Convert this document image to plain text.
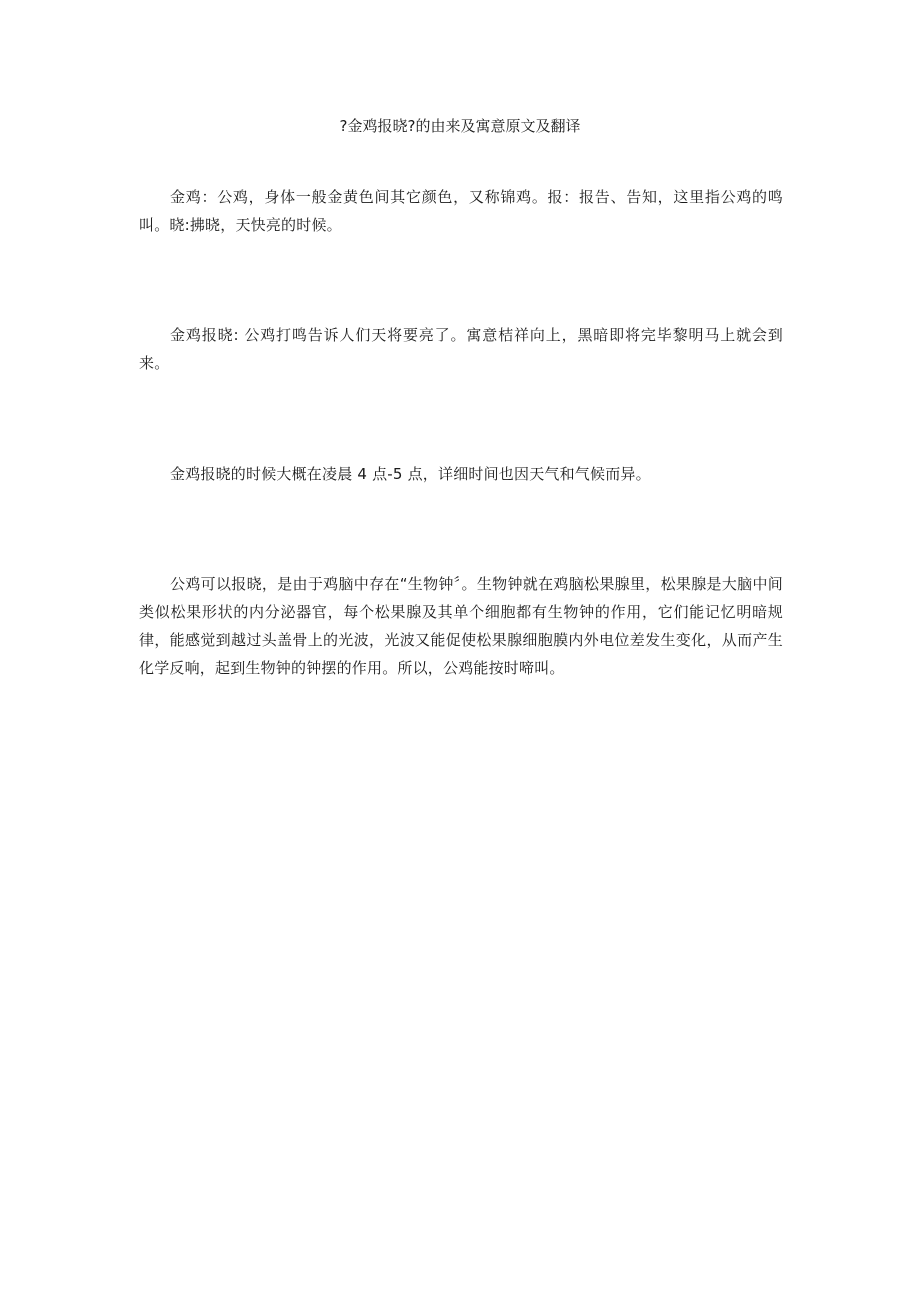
?金鸡报晓?的由来及寓意原文及翻译

金鸡：公鸡，身体一般金黄色间其它颜色，又称锦鸡。报：报告、告知，这里指公鸡的鸣叫。晓:拂晓，天快亮的时候。

金鸡报晓: 公鸡打鸣告诉人们天将要亮了。寓意桔祥向上，黑暗即将完毕黎明马上就会到来。

金鸡报晓的时候大概在凌晨 4 点-5 点，详细时间也因天气和气候而异。

公鸡可以报晓，是由于鸡脑中存在“生物钟〞。生物钟就在鸡脑松果腺里，松果腺是大脑中间类似松果形状的内分泌器官，每个松果腺及其单个细胞都有生物钟的作用，它们能记忆明暗规律，能感觉到越过头盖骨上的光波，光波又能促使松果腺细胞膜内外电位差发生变化，从而产生化学反响，起到生物钟的钟摆的作用。所以，公鸡能按时啼叫。
